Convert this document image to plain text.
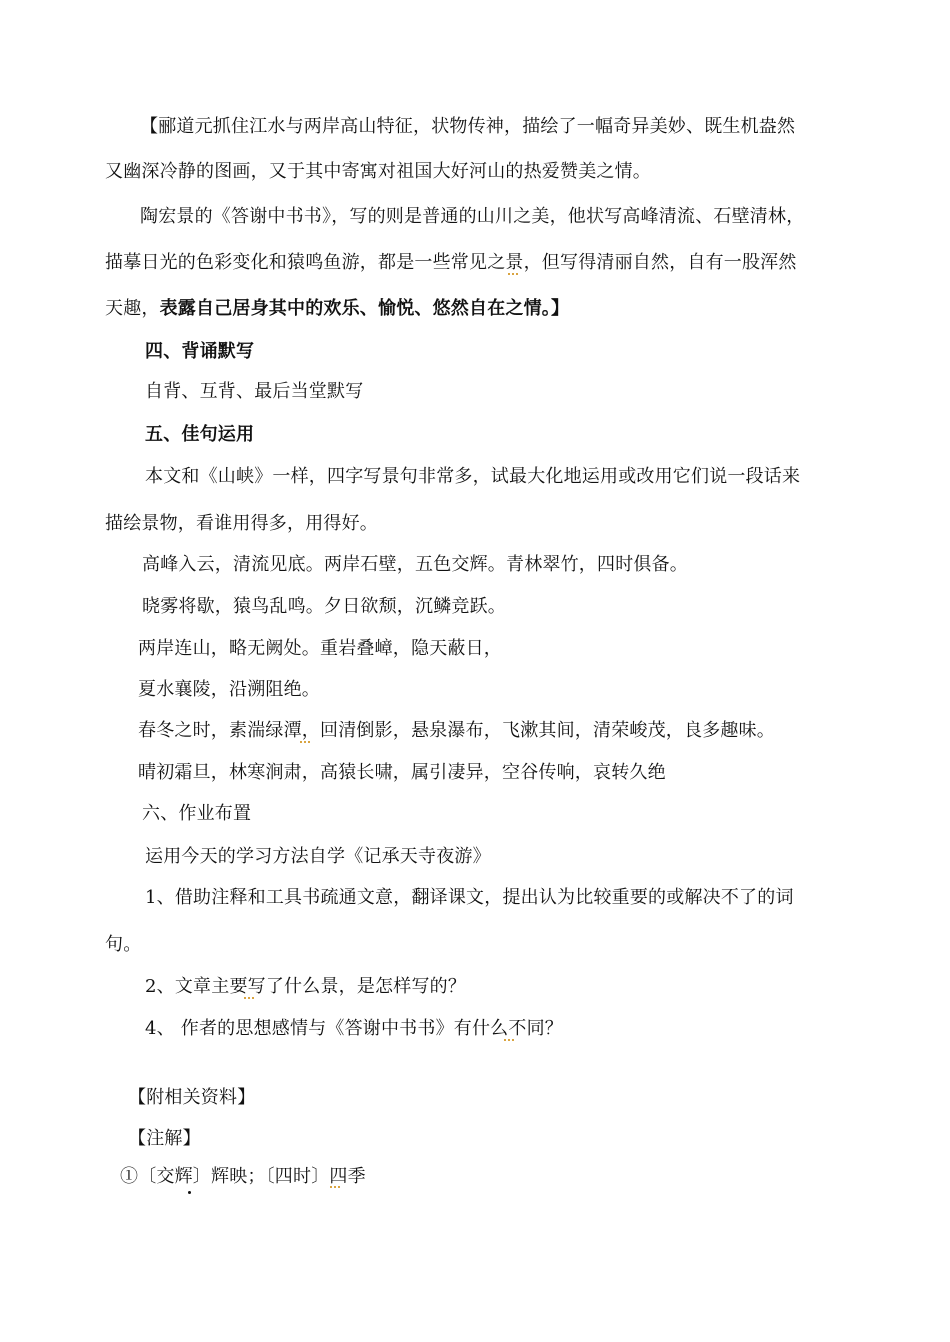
【郦道元抓住江水与两岸高山特征，状物传神，描绘了一幅奇异美妙、既生机盎然
又幽深冷静的图画，又于其中寄寓对祖国大好河山的热爱赞美之情。
陶宏景的《答谢中书书》，写的则是普通的山川之美，他状写高峰清流、石壁清林，
描摹日光的色彩变化和猿鸣鱼游，都是一些常见之景，但写得清丽自然，自有一股浑然
天趣，表露自己居身其中的欢乐、愉悦、悠然自在之情。】
四、背诵默写
自背、互背、最后当堂默写
五、佳句运用
本文和《山峡》一样，四字写景句非常多，试最大化地运用或改用它们说一段话来
描绘景物，看谁用得多，用得好。
高峰入云，清流见底。两岸石壁，五色交辉。青林翠竹，四时俱备。
晓雾将歇，猿鸟乱鸣。夕日欲颓，沉鳞竞跃。
两岸连山，略无阙处。重岩叠嶂，隐天蔽日，
夏水襄陵，沿溯阻绝。
春冬之时，素湍绿潭，回清倒影，悬泉瀑布，飞漱其间，清荣峻茂，良多趣味。
晴初霜旦，林寒涧肃，高猿长啸，属引凄异，空谷传响，哀转久绝
六、作业布置
运用今天的学习方法自学《记承天寺夜游》
1、借助注释和工具书疏通文意，翻译课文，提出认为比较重要的或解决不了的词
句。
2、文章主要写了什么景，是怎样写的？
4、 作者的思想感情与《答谢中书书》有什么不同？
【附相关资料】
【注解】
①〔交辉〕辉映；〔四时〕四季
